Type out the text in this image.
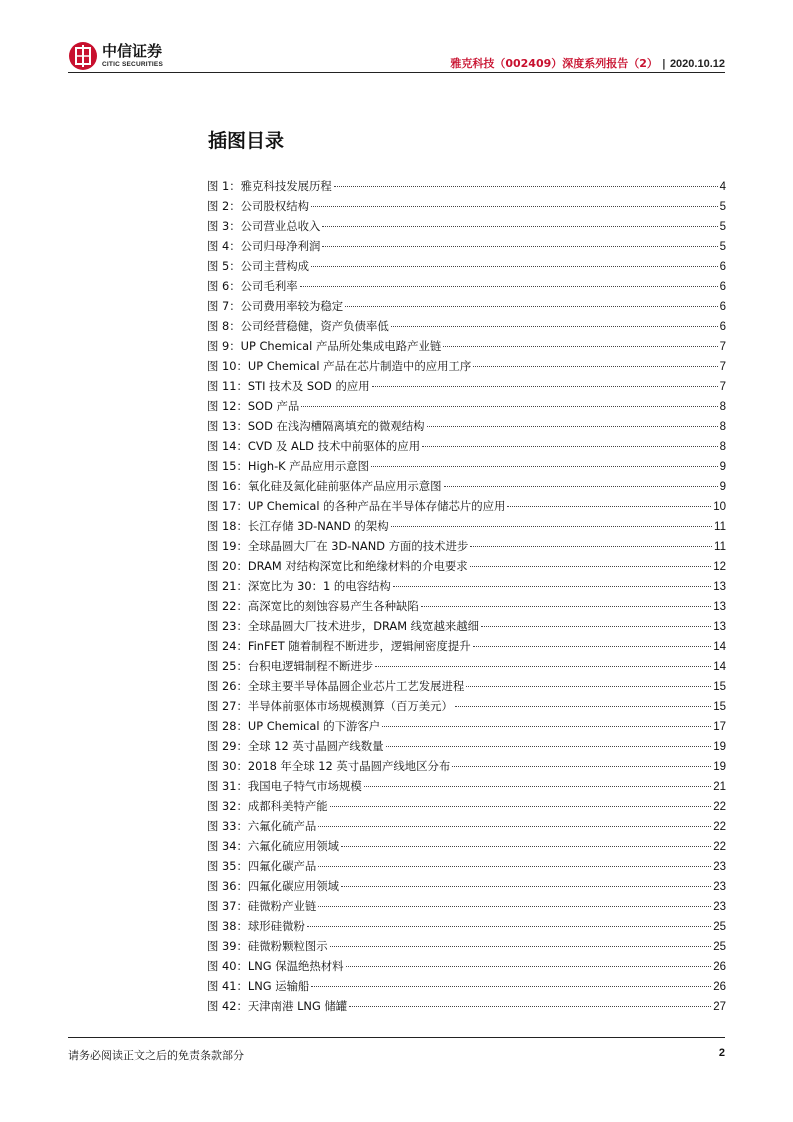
中信证券
CITIC SECURITIES	雅克科技（002409）深度系列报告（2） | 2020.10.12
插图目录
图 1：雅克科技发展历程	4
图 2：公司股权结构	5
图 3：公司营业总收入	5
图 4：公司归母净利润	5
图 5：公司主营构成	6
图 6：公司毛利率	6
图 7：公司费用率较为稳定	6
图 8：公司经营稳健，资产负债率低	6
图 9：UP Chemical 产品所处集成电路产业链	7
图 10：UP Chemical 产品在芯片制造中的应用工序	7
图 11：STI 技术及 SOD 的应用	7
图 12：SOD 产品	8
图 13：SOD 在浅沟槽隔离填充的微观结构	8
图 14：CVD 及 ALD 技术中前驱体的应用	8
图 15：High-K 产品应用示意图	9
图 16：氧化硅及氮化硅前驱体产品应用示意图	9
图 17：UP Chemical 的各种产品在半导体存储芯片的应用	10
图 18：长江存储 3D-NAND 的架构	11
图 19：全球晶圆大厂在 3D-NAND 方面的技术进步	11
图 20：DRAM 对结构深宽比和绝缘材料的介电要求	12
图 21：深宽比为 30：1 的电容结构	13
图 22：高深宽比的刻蚀容易产生各种缺陷	13
图 23：全球晶圆大厂技术进步，DRAM 线宽越来越细	13
图 24：FinFET 随着制程不断进步，逻辑闸密度提升	14
图 25：台积电逻辑制程不断进步	14
图 26：全球主要半导体晶圆企业芯片工艺发展进程	15
图 27：半导体前驱体市场规模测算（百万美元）	15
图 28：UP Chemical 的下游客户	17
图 29：全球 12 英寸晶圆产线数量	19
图 30：2018 年全球 12 英寸晶圆产线地区分布	19
图 31：我国电子特气市场规模	21
图 32：成都科美特产能	22
图 33：六氟化硫产品	22
图 34：六氟化硫应用领域	22
图 35：四氟化碳产品	23
图 36：四氟化碳应用领域	23
图 37：硅微粉产业链	23
图 38：球形硅微粉	25
图 39：硅微粉颗粒图示	25
图 40：LNG 保温绝热材料	26
图 41：LNG 运输船	26
图 42：天津南港 LNG 储罐	27
请务必阅读正文之后的免责条款部分	2
